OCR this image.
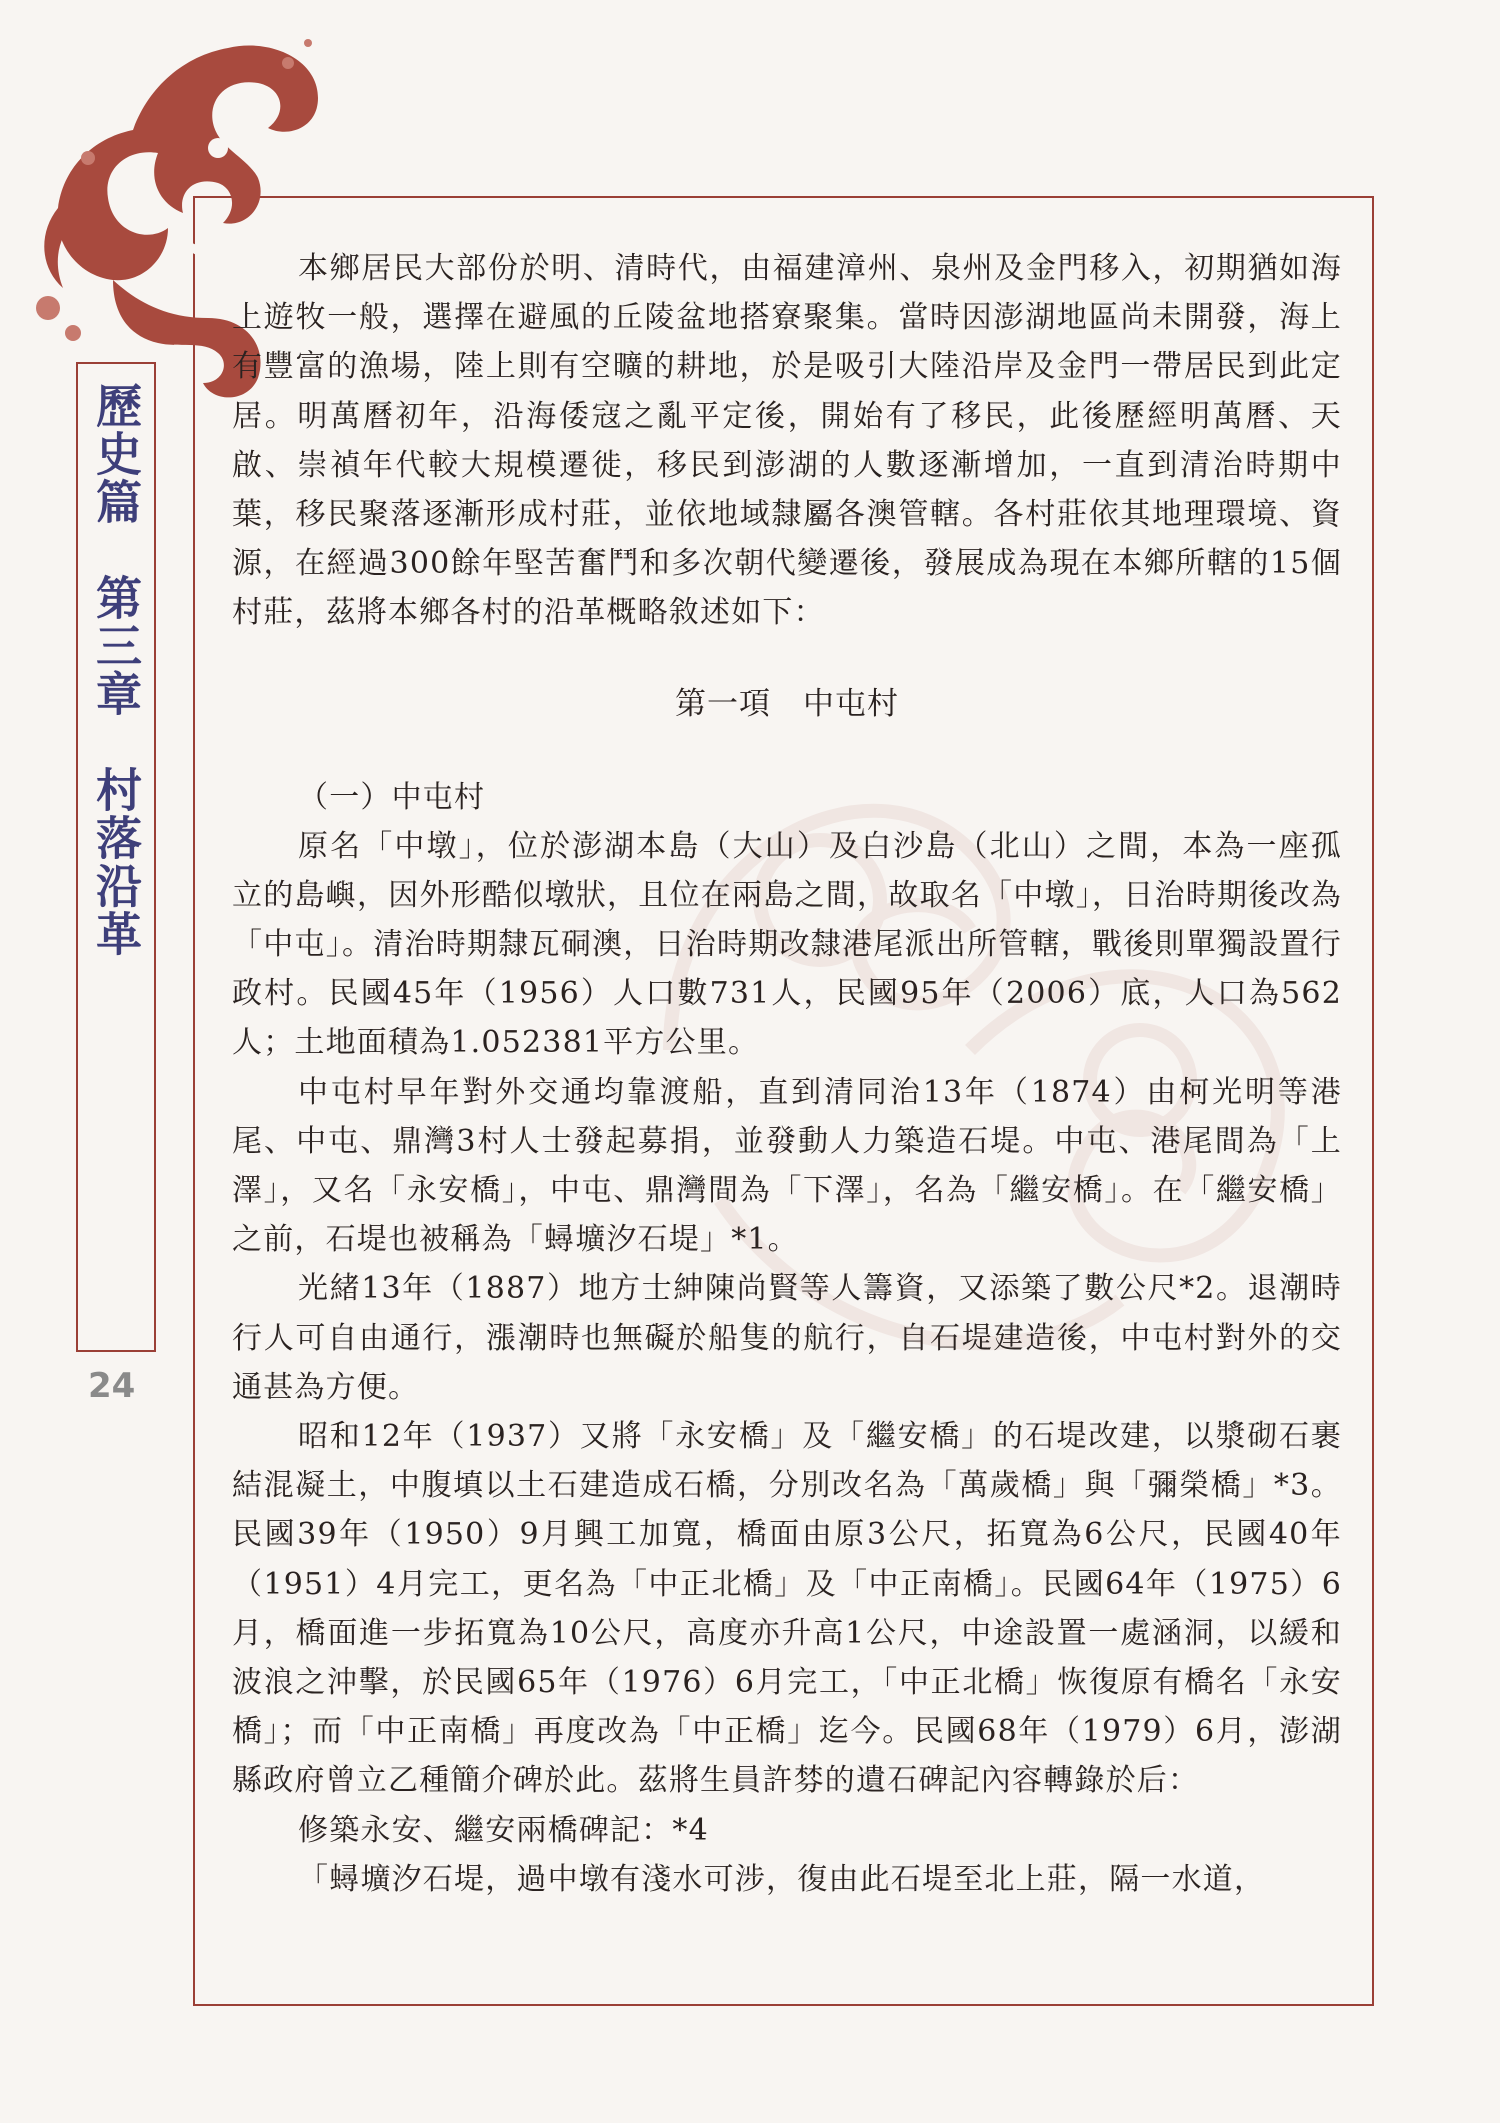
歷史篇　第三章　村落沿革
24

本鄉居民大部份於明、清時代，由福建漳州、泉州及金門移入，初期猶如海上遊牧一般，選擇在避風的丘陵盆地搭寮聚集。當時因澎湖地區尚未開發，海上有豐富的漁場，陸上則有空曠的耕地，於是吸引大陸沿岸及金門一帶居民到此定居。明萬曆初年，沿海倭寇之亂平定後，開始有了移民，此後歷經明萬曆、天啟、崇禎年代較大規模遷徙，移民到澎湖的人數逐漸增加，一直到清治時期中葉，移民聚落逐漸形成村莊，並依地域隸屬各澳管轄。各村莊依其地理環境、資源，在經過300餘年堅苦奮鬥和多次朝代變遷後，發展成為現在本鄉所轄的15個村莊，茲將本鄉各村的沿革概略敘述如下：

第一項　中屯村
（一）中屯村

原名「中墩」，位於澎湖本島（大山）及白沙島（北山）之間，本為一座孤立的島嶼，因外形酷似墩狀，且位在兩島之間，故取名「中墩」，日治時期後改為「中屯」。清治時期隸瓦硐澳，日治時期改隸港尾派出所管轄，戰後則單獨設置行政村。民國45年（1956）人口數731人，民國95年（2006）底，人口為562人；土地面積為1.052381平方公里。

中屯村早年對外交通均靠渡船，直到清同治13年（1874）由柯光明等港尾、中屯、鼎灣3村人士發起募捐，並發動人力築造石堤。中屯、港尾間為「上澤」，又名「永安橋」，中屯、鼎灣間為「下澤」，名為「繼安橋」。在「繼安橋」之前，石堤也被稱為「蟳壙汐石堤」*1。

光緒13年（1887）地方士紳陳尚賢等人籌資，又添築了數公尺*2。退潮時行人可自由通行，漲潮時也無礙於船隻的航行，自石堤建造後，中屯村對外的交通甚為方便。

昭和12年（1937）又將「永安橋」及「繼安橋」的石堤改建，以漿砌石裹結混凝土，中腹填以土石建造成石橋，分別改名為「萬歲橋」與「彌榮橋」*3。民國39年（1950）9月興工加寬，橋面由原3公尺，拓寬為6公尺，民國40年（1951）4月完工，更名為「中正北橋」及「中正南橋」。民國64年（1975）6月，橋面進一步拓寬為10公尺，高度亦升高1公尺，中途設置一處涵洞，以緩和波浪之沖擊，於民國65年（1976）6月完工，「中正北橋」恢復原有橋名「永安橋」；而「中正南橋」再度改為「中正橋」迄今。民國68年（1979）6月，澎湖縣政府曾立乙種簡介碑於此。茲將生員許棼的遺石碑記內容轉錄於后：

修築永安、繼安兩橋碑記：*4

「蟳壙汐石堤，過中墩有淺水可涉，復由此石堤至北上莊，隔一水道，
